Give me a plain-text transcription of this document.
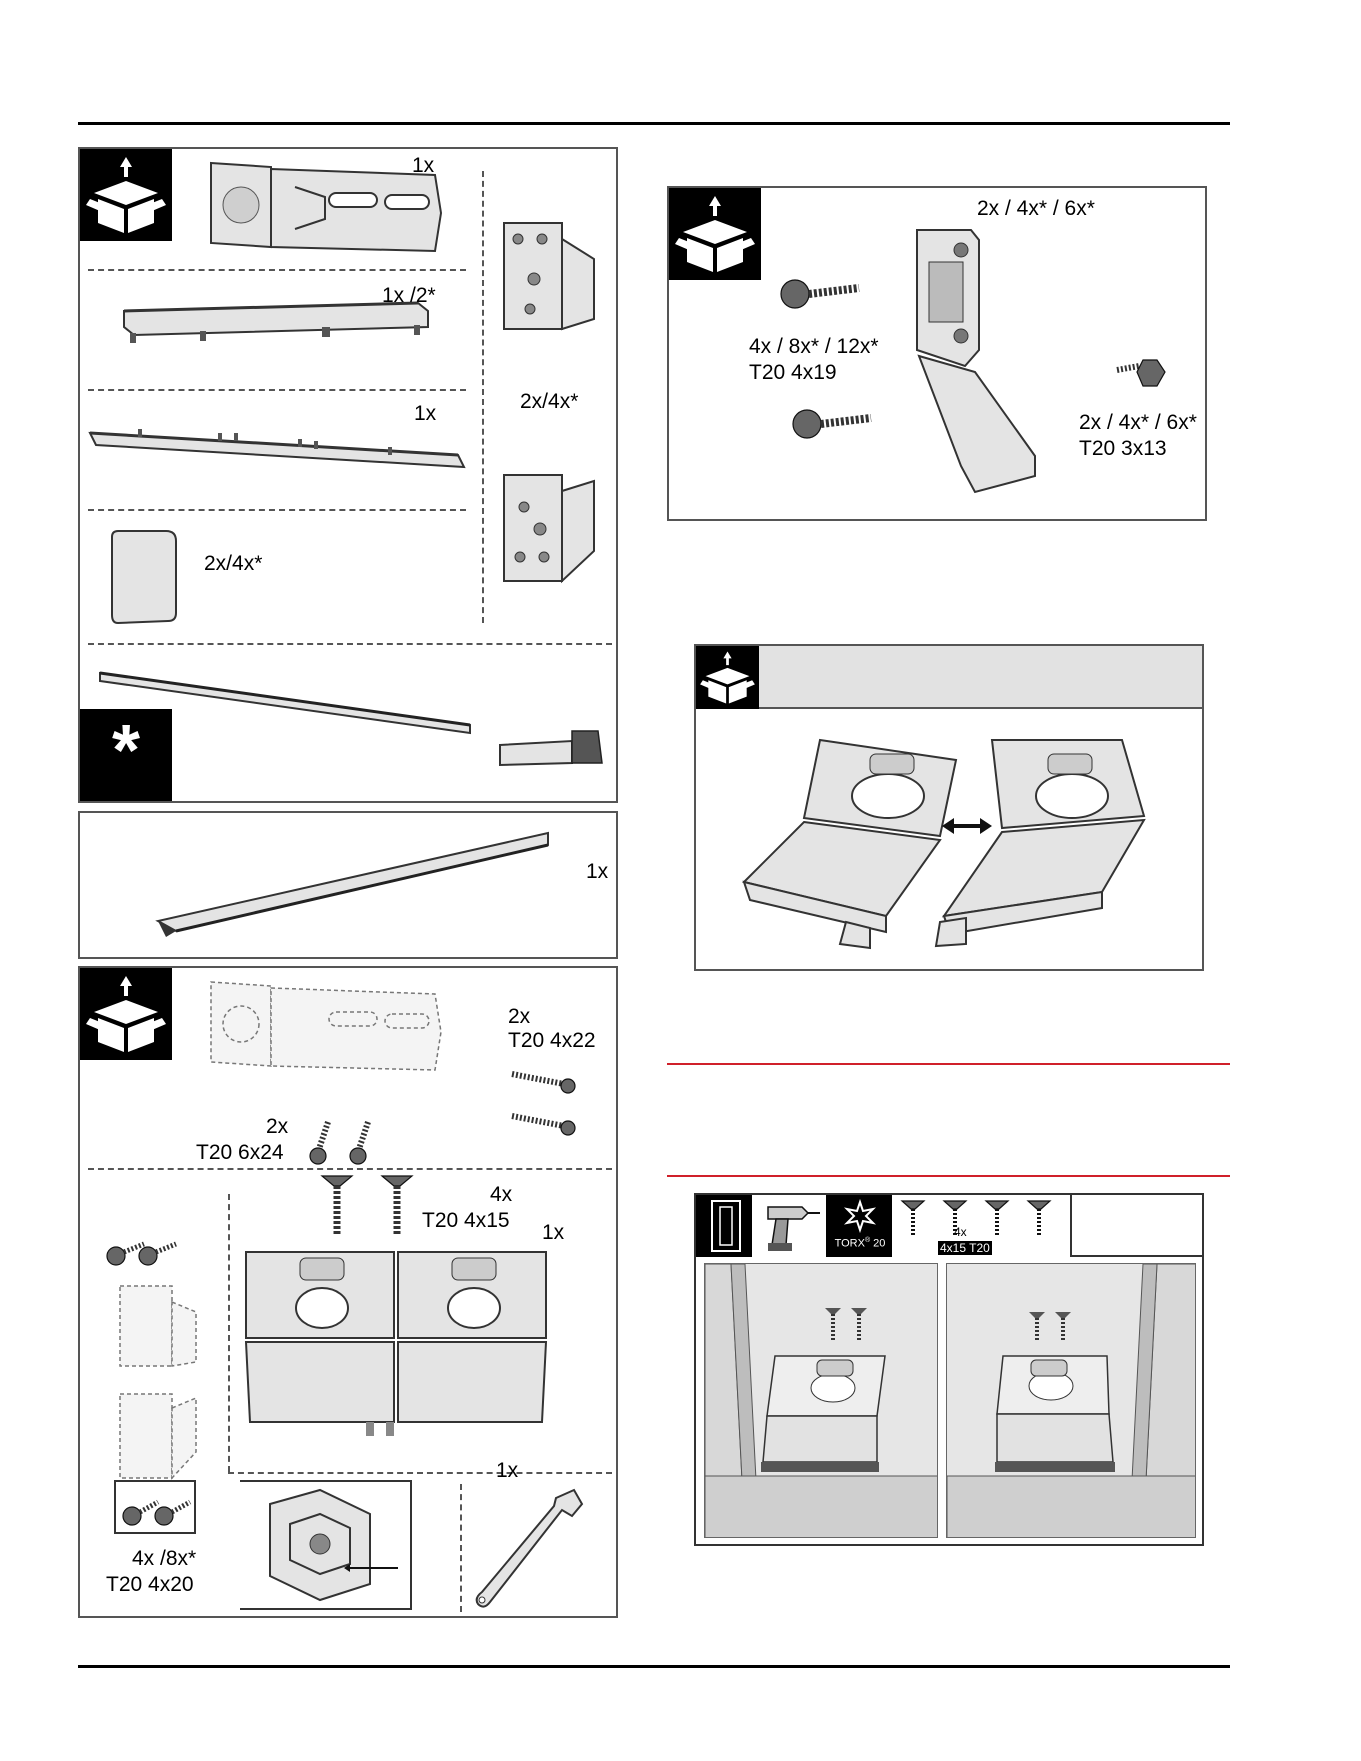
1x
1x /2*
1x
2x/4x*
2x/4x*
*
1x
2x
T20 4x22
2x
T20 6x24
4x
T20 4x15
1x
4x /8x*
T20 4x20
1x
2x / 4x* / 6x*
4x / 8x* / 12x*
T20 4x19
2x / 4x* / 6x*
T20 3x13
TORX® 20
4x
4x15 T20
